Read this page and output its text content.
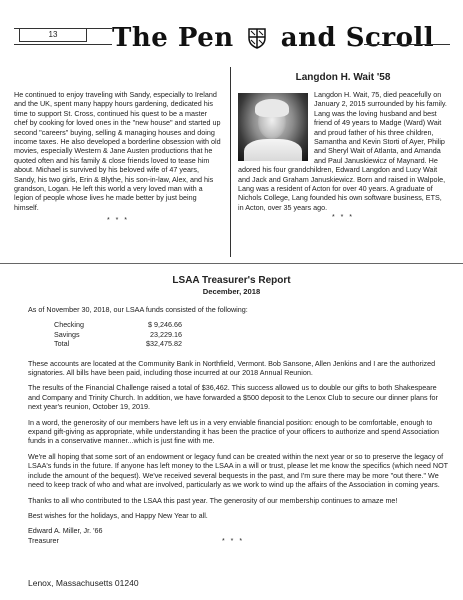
13	The Pen and Scroll

He continued to enjoy traveling with Sandy, especially to Ireland and the UK, spent many happy hours gardening, dedicated his time to support St. Cross, continued his quest to be a master chef by cooking for loved ones in the "new house" and started up second "careers" buying, selling & managing houses and doing income taxes. He also developed a borderline obsession with old movies, especially Western & Jane Austen productions that he quoted often and his family & close friends loved to tease him about. Michael is survived by his beloved wife of 47 years, Sandy, his two girls, Erin & Blythe, his son-in-law, Alex, and his grandson, Logan. He left this world a very loved man with a legion of people whose lives he made better by just being himself.

* * *
Langdon H. Wait '58

Langdon H. Wait, 75, died peacefully on January 2, 2015 surrounded by his family. Lang was the loving husband and best friend of 49 years to Madge (Ward) Wait and proud father of his three children, Samantha and Kevin Storti of Ayer, Philip and Sheryl Wait of Atlanta, and Amanda and Paul Januskiewicz of Maynard. He adored his four grandchildren, Edward Langdon and Lucy Wait and Jack and Graham Januskiewicz. Born and raised in Walpole, Lang was a resident of Acton for over 40 years. A graduate of Nichols College, Lang founded his own software business, ETS, in Acton, over 35 years ago.

* * *
LSAA Treasurer's Report
December, 2018

As of November 30, 2018, our LSAA funds consisted of the following:

Checking	$ 9,246.66
Savings	23,229.16
Total	$32,475.82

These accounts are located at the Community Bank in Northfield, Vermont. Bob Sansone, Allen Jenkins and I are the authorized signatories. All bills have been paid, including those incurred at our 2018 Annual Reunion.

The results of the Financial Challenge raised a total of $36,462. This success allowed us to double our gifts to both Shakespeare and Company and Trinity Church. In addition, we have forwarded a $500 deposit to the Lenox Club to secure our dinner plans for next year's reunion, October 19, 2019.

In a word, the generosity of our members have left us in a very enviable financial position: enough to be comfortable, enough to expand gift-giving as appropriate, while understanding it has been the practice of your officers to authorize and spend Association funds in a conservative manner...which is just fine with me.

We're all hoping that some sort of an endowment or legacy fund can be created within the next year or so to preserve the legacy of LSAA's funds in the future. If anyone has left money to the LSAA in a will or trust, please let me know the specifics (which need NOT include the amount of the bequest). We've received several bequests in the past, and I'm sure there may be more "out there." We need to keep track of who and what are involved, particularly as we work to wind up the affairs of the Association in coming years.

Thanks to all who contributed to the LSAA this past year. The generosity of our membership continues to amaze me!

Best wishes for the holidays, and Happy New Year to all.

Edward A. Miller, Jr. '66
Treasurer	* * *
Lenox, Massachusetts 01240
